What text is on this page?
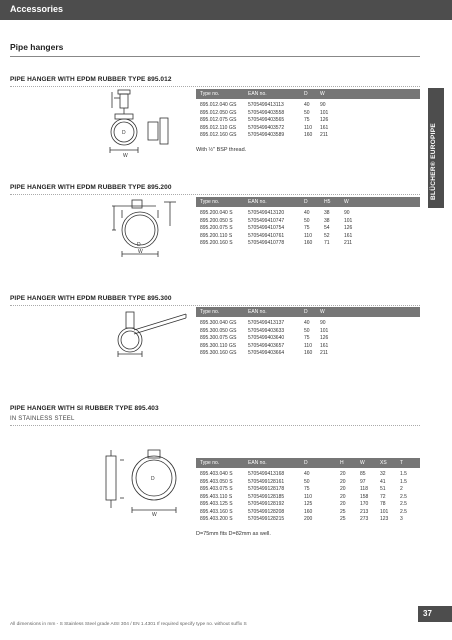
Accessories
Pipe hangers
BLÜCHER® EUROPIPE
PIPE HANGER WITH EPDM RUBBER TYPE 895.012
W
D
Type no.	EAN no.	D W
895.012.040 GS 5705499413113	40 90
895.012.050 GS 5705499403558	50 101
895.012.075 GS 5705499403565	75 126
895.012.110 GS 5705499403572	110 161
895.012.160 GS 5705499403589	160 211
With ½" BSP thread.
PIPE HANGER WITH EPDM RUBBER TYPE 895.200
D
W
Type no.	EAN no.	D	H5	W
895.200.040 S	5705499413120	40	38	90
895.200.050 S	5705499410747	50	38	101
895.200.075 S	5705499410754	75	54	126
895.200.110 S	5705499410761	110 52	161
895.200.160 S	5705499410778	160 71	211
PIPE HANGER WITH EPDM RUBBER TYPE 895.300
Type no.	EAN no.	D W
895.300.040 GS 5705499413137	40 90
895.300.050 GS 5705499403633	50 101
895.300.075 GS 5705499403640	75 126
895.300.110 GS 5705499403657	110 161
895.300.160 GS 5705499403664	160 211
PIPE HANGER WITH SI RUBBER TYPE 895.403
IN STAINLESS STEEL
D
W
Type no.	EAN no.	D	H	W	XS	T
895.403.040 S	5705499413168	40	20	85	32	1.5
895.403.050 S	5705499128161	50	20	97	41	1.5
895.403.075 S	5705499128178	75	20	118 51	2
895.403.110 S	5705499128185	110	20	158 72	2.5
895.403.125 S	5705499128192	125	20	170 78	2.5
895.403.160 S	5705499128208	160	25	213 101 2.5
895.403.200 S	5705499128215	200	25	273 123 3
D=75mm fits D=82mm as well.
All dimensions in mm - S Stainless Steel grade AISI 304 / EN 1.4301 If required specify type no. without suffix S
37
